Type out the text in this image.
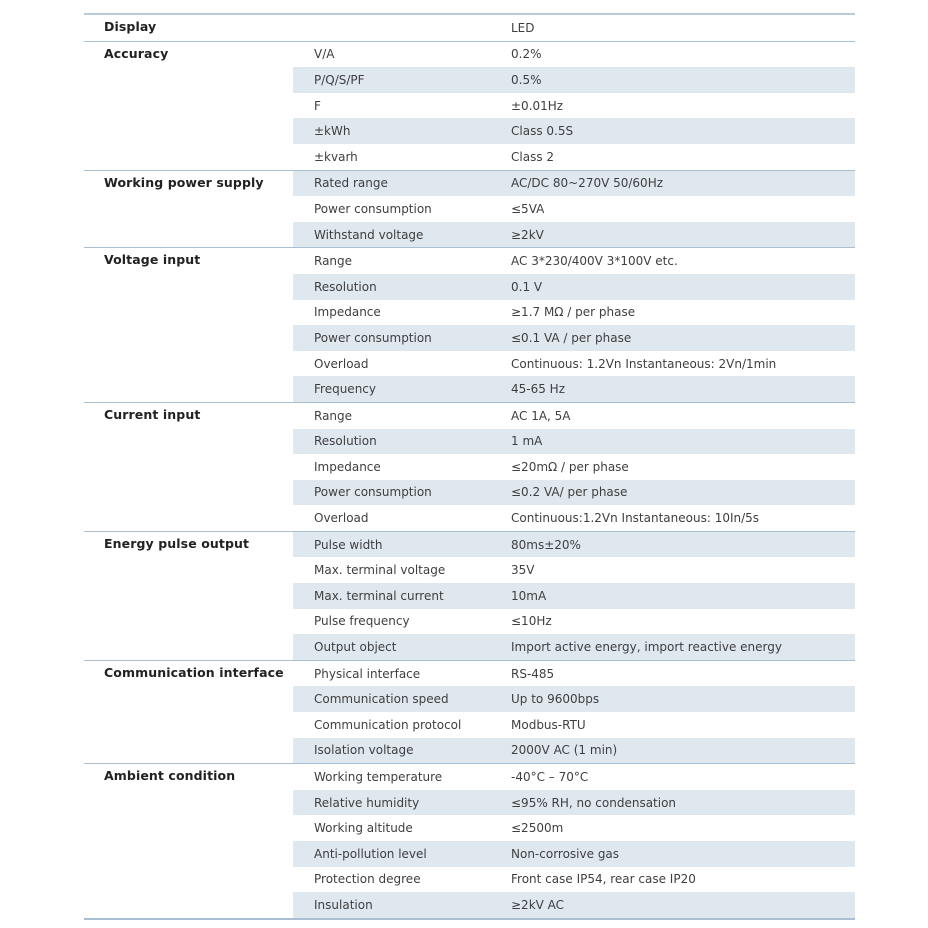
Display	LED
Accuracy	V/A	0.2%
P/Q/S/PF	0.5%
F	±0.01Hz
±kWh	Class 0.5S
±kvarh	Class 2
Working power supply	Rated range	AC/DC 80~270V 50/60Hz
Power consumption	≤5VA
Withstand voltage	≥2kV
Voltage input	Range	AC 3*230/400V 3*100V etc.
Resolution	0.1 V
Impedance	≥1.7 MΩ / per phase
Power consumption	≤0.1 VA / per phase
Overload	Continuous: 1.2Vn Instantaneous: 2Vn/1min
Frequency	45-65 Hz
Current input	Range	AC 1A, 5A
Resolution	1 mA
Impedance	≤20mΩ / per phase
Power consumption	≤0.2 VA/ per phase
Overload	Continuous:1.2Vn Instantaneous: 10In/5s
Energy pulse output	Pulse width	80ms±20%
Max. terminal voltage	35V
Max. terminal current	10mA
Pulse frequency	≤10Hz
Output object	Import active energy, import reactive energy
Communication interface	Physical interface	RS-485
Communication speed	Up to 9600bps
Communication protocol	Modbus-RTU
Isolation voltage	2000V AC (1 min)
Ambient condition	Working temperature	-40°C – 70°C
Relative humidity	≤95% RH, no condensation
Working altitude	≤2500m
Anti-pollution level	Non-corrosive gas
Protection degree	Front case IP54, rear case IP20
Insulation	≥2kV AC
